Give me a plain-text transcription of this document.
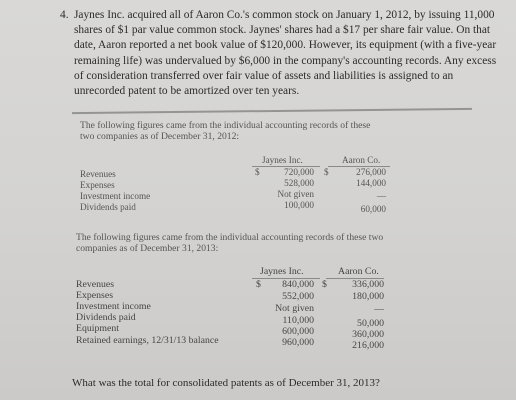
4. Jaynes Inc. acquired all of Aaron Co.'s common stock on January 1, 2012, by issuing 11,000 shares of $1 par value common stock. Jaynes' shares had a $17 per share fair value. On that date, Aaron reported a net book value of $120,000. However, its equipment (with a five-year remaining life) was undervalued by $6,000 in the company's accounting records. Any excess of consideration transferred over fair value of assets and liabilities is assigned to an unrecorded patent to be amortized over ten years.
The following figures came from the individual accounting records of these two companies as of December 31, 2012:
Jaynes Inc.	Aaron Co.
$	$
Revenues	720,000	276,000
Expenses	528,000	144,000
Investment income	Not given	—
Dividends paid	100,000	60,000
The following figures came from the individual accounting records of these two companies as of December 31, 2013:
Jaynes Inc.	Aaron Co.
$	$
Revenues	840,000	336,000
Expenses	552,000	180,000
Investment income	Not given	—
Dividends paid	110,000	50,000
Equipment	600,000	360,000
Retained earnings, 12/31/13 balance	960,000	216,000
What was the total for consolidated patents as of December 31, 2013?
